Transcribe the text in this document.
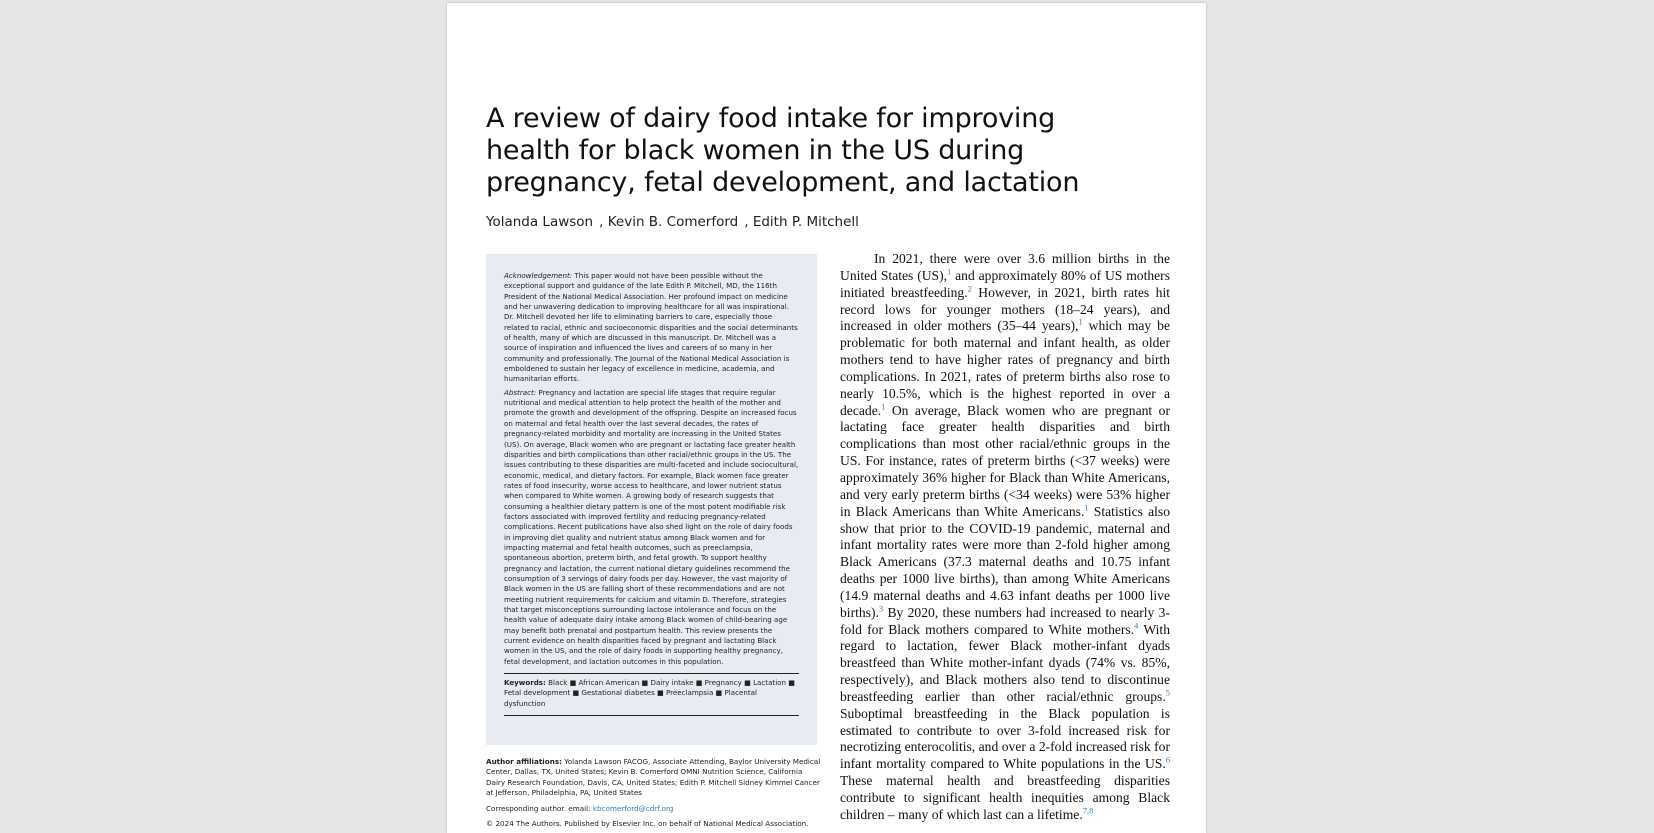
A review of dairy food intake for improving health for black women in the US during pregnancy, fetal development, and lactation
Yolanda Lawson , Kevin B. Comerford , Edith P. Mitchell

Acknowledgement: This paper would not have been possible without the exceptional support and guidance of the late Edith P. Mitchell, MD, the 116th President of the National Medical Association. Her profound impact on medicine and her unwavering dedication to improving healthcare for all was inspirational. Dr. Mitchell devoted her life to eliminating barriers to care, especially those related to racial, ethnic and socioeconomic disparities and the social determinants of health, many of which are discussed in this manuscript. Dr. Mitchell was a source of inspiration and influenced the lives and careers of so many in her community and professionally. The Journal of the National Medical Association is emboldened to sustain her legacy of excellence in medicine, academia, and humanitarian efforts.

Abstract: Pregnancy and lactation are special life stages that require regular nutritional and medical attention to help protect the health of the mother and promote the growth and development of the offspring. Despite an increased focus on maternal and fetal health over the last several decades, the rates of pregnancy-related morbidity and mortality are increasing in the United States (US). On average, Black women who are pregnant or lactating face greater health disparities and birth complications than other racial/ethnic groups in the US. The issues contributing to these disparities are multi-faceted and include sociocultural, economic, medical, and dietary factors. For example, Black women face greater rates of food insecurity, worse access to healthcare, and lower nutrient status when compared to White women. A growing body of research suggests that consuming a healthier dietary pattern is one of the most potent modifiable risk factors associated with improved fertility and reducing pregnancy-related complications. Recent publications have also shed light on the role of dairy foods in improving diet quality and nutrient status among Black women and for impacting maternal and fetal health outcomes, such as preeclampsia, spontaneous abortion, preterm birth, and fetal growth. To support healthy pregnancy and lactation, the current national dietary guidelines recommend the consumption of 3 servings of dairy foods per day. However, the vast majority of Black women in the US are falling short of these recommendations and are not meeting nutrient requirements for calcium and vitamin D. Therefore, strategies that target misconceptions surrounding lactose intolerance and focus on the health value of adequate dairy intake among Black women of child-bearing age may benefit both prenatal and postpartum health. This review presents the current evidence on health disparities faced by pregnant and lactating Black women in the US, and the role of dairy foods in supporting healthy pregnancy, fetal development, and lactation outcomes in this population.

Keywords: Black ■ African American ■ Dairy intake ■ Pregnancy ■ Lactation ■ Fetal development ■ Gestational diabetes ■ Preeclampsia ■ Placental dysfunction

Author affiliations: Yolanda Lawson FACOG, Associate Attending, Baylor University Medical Center, Dallas, TX, United States; Kevin B. Comerford OMNI Nutrition Science, California Dairy Research Foundation, Davis, CA, United States; Edith P. Mitchell Sidney Kimmel Cancer at Jefferson, Philadelphia, PA, United States

Corresponding author. email: kbcomerford@cdrf.org

© 2024 The Authors. Published by Elsevier Inc. on behalf of National Medical Association.

In 2021, there were over 3.6 million births in the United States (US),$^1$ and approximately 80% of US mothers initiated breastfeeding.$^2$ However, in 2021, birth rates hit record lows for younger mothers (18–24 years), and increased in older mothers (35–44 years),$^1$ which may be problematic for both maternal and infant health, as older mothers tend to have higher rates of pregnancy and birth complications. In 2021, rates of preterm births also rose to nearly 10.5%, which is the highest reported in over a decade.$^1$ On average, Black women who are pregnant or lactating face greater health disparities and birth complications than most other racial/ethnic groups in the US. For instance, rates of preterm births (<37 weeks) were approximately 36% higher for Black than White Americans, and very early preterm births (<34 weeks) were 53% higher in Black Americans than White Americans.$^1$ Statistics also show that prior to the COVID-19 pandemic, maternal and infant mortality rates were more than 2-fold higher among Black Americans (37.3 maternal deaths and 10.75 infant deaths per 1000 live births), than among White Americans (14.9 maternal deaths and 4.63 infant deaths per 1000 live births).$^3$ By 2020, these numbers had increased to nearly 3-fold for Black mothers compared to White mothers.$^4$ With regard to lactation, fewer Black mother-infant dyads breastfeed than White mother-infant dyads (74% vs. 85%, respectively), and Black mothers also tend to discontinue breastfeeding earlier than other racial/ethnic groups.$^5$ Suboptimal breastfeeding in the Black population is estimated to contribute to over 3-fold increased risk for necrotizing enterocolitis, and over a 2-fold increased risk for infant mortality compared to White populations in the US.$^6$ These maternal health and breastfeeding disparities contribute to significant health inequities among Black children – many of which last can a lifetime.$^{7,8}$
